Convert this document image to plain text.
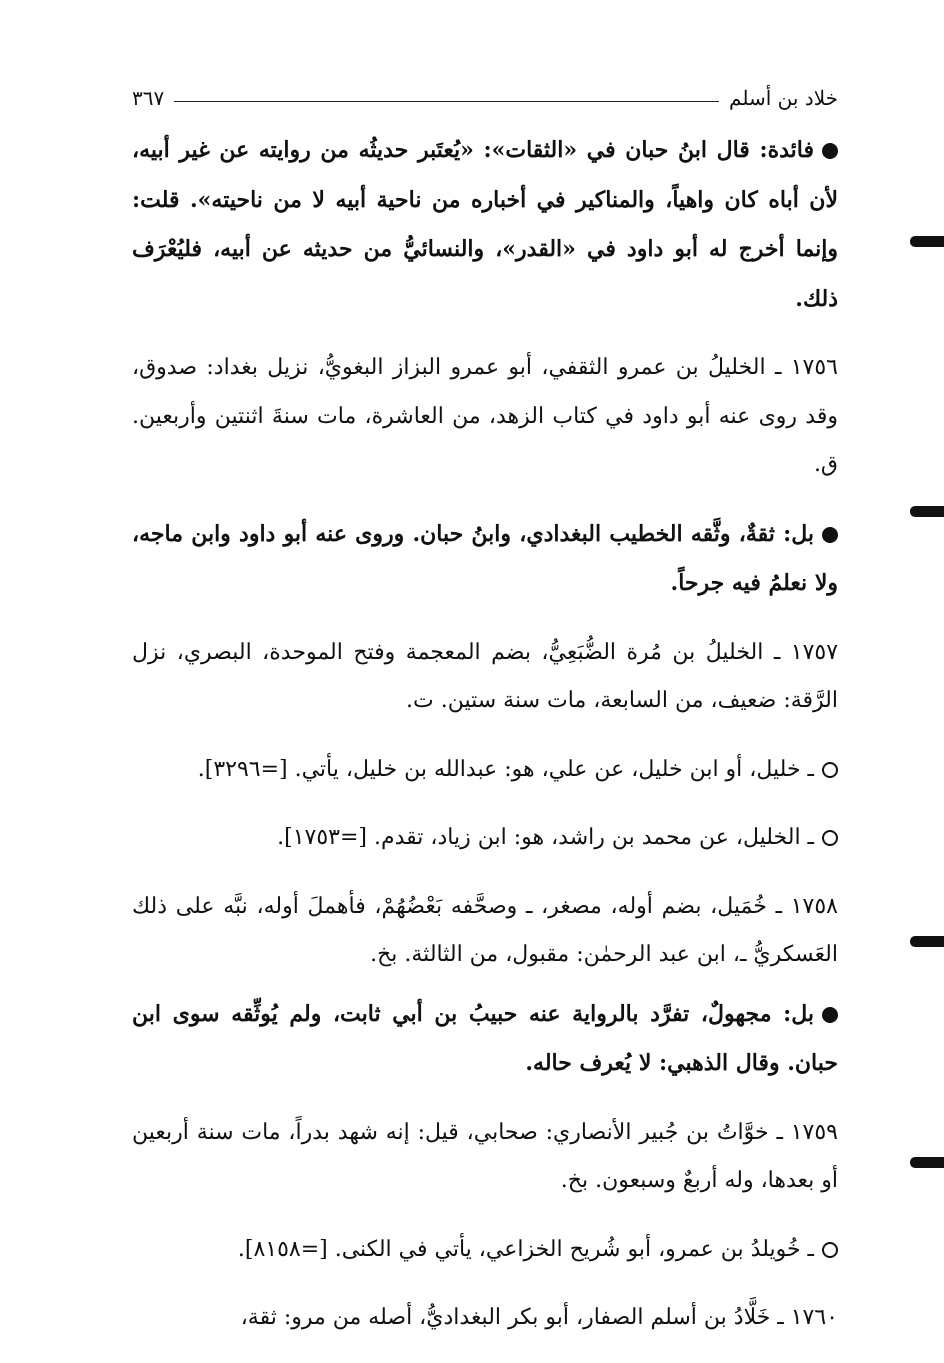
خلاد بن أسلم
٣٦٧

فائدة: قال ابنُ حبان في «الثقات»: «يُعتَبر حديثُه من روايته عن غير أبيه، لأن أباه كان واهياً، والمناكير في أخباره من ناحية أبيه لا من ناحيته». قلت: وإنما أخرج له أبو داود في «القدر»، والنسائيُّ من حديثه عن أبيه، فليُعْرَف ذلك.

١٧٥٦ ـ الخليلُ بن عمرو الثقفي، أبو عمرو البزاز البغويُّ، نزيل بغداد: صدوق، وقد روى عنه أبو داود في كتاب الزهد، من العاشرة، مات سنةَ اثنتين وأربعين. ق.

بل: ثقةٌ، وثَّقه الخطيب البغدادي، وابنُ حبان. وروى عنه أبو داود وابن ماجه، ولا نعلمُ فيه جرحاً.

١٧٥٧ ـ الخليلُ بن مُرة الضُّبَعِيُّ، بضم المعجمة وفتح الموحدة، البصري، نزل الرَّقة: ضعيف، من السابعة، مات سنة ستين. ت.

ـ خليل، أو ابن خليل، عن علي، هو: عبدالله بن خليل، يأتي. [=٣٢٩٦].

ـ الخليل، عن محمد بن راشد، هو: ابن زياد، تقدم. [=١٧٥٣].

١٧٥٨ ـ خُمَيل، بضم أوله، مصغر، ـ وصحَّفه بَعْضُهُمْ، فأهملَ أوله، نبَّه على ذلك العَسكريُّ ـ، ابن عبد الرحمٰن: مقبول، من الثالثة. بخ.

بل: مجهولٌ، تفرَّد بالرواية عنه حبيبُ بن أبي ثابت، ولم يُوثِّقه سوى ابن حبان. وقال الذهبي: لا يُعرف حاله.

١٧٥٩ ـ خوَّاتُ بن جُبير الأنصاري: صحابي، قيل: إنه شهد بدراً، مات سنة أربعين أو بعدها، وله أربعٌ وسبعون. بخ.

ـ خُويلدُ بن عمرو، أبو شُريح الخزاعي، يأتي في الكنى. [=٨١٥٨].

١٧٦٠ ـ خَلَّادُ بن أسلم الصفار، أبو بكر البغداديُّ، أصله من مرو: ثقة،
